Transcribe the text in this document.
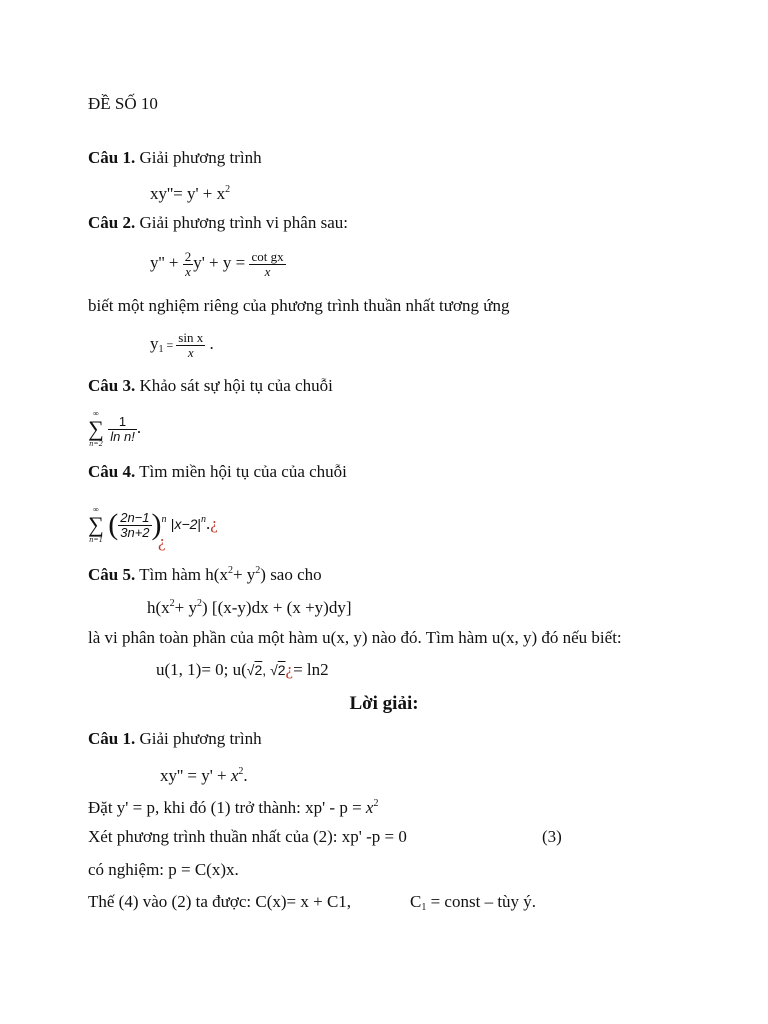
ĐỀ SỐ 10
Câu 1. Giải phương trình
$xy''= y' + x^2$
Câu 2. Giải phương trình vi phân sau:
$y'' + \frac{2}{x} y' + y = \frac{\text{cot gx}}{x}$
biết một nghiệm riêng của phương trình thuần nhất tương ứng
$y_1 = \frac{\text{sin x}}{x}$ .
Câu 3. Khảo sát sự hội tụ của chuỗi
∞
∑
n=2
$\frac{1}{\text{ln n!}}$ .
Câu 4. Tìm miền hội tụ của của chuỗi
∞
∑
n=1 ( $\frac{2n-1}{3n+2} )^n$ $|x-2|^n.¿$
¿
Câu 5. Tìm hàm $h(x^2+ y^2)$ sao cho
$h(x^2+ y^2) [(x-y)dx + (x +y)dy]$
là vi phân toàn phần của một hàm u(x, y) nào đó. Tìm hàm u(x, y) đó nếu biết:
u(1, 1)= 0; u(√2, √2¿= ln2
Lời giải:
Câu 1. Giải phương trình
$xy'' = y' + x^2$.
Đặt y' = p, khi đó (1) trở thành: $xp' - p = x^2$
Xét phương trình thuần nhất của (2): xp' -p = 0	(3)
có nghiệm: p = C(x)x.
Thế (4) vào (2) ta được: C(x)= x + C1,	$C_1$ = const – tùy ý.
